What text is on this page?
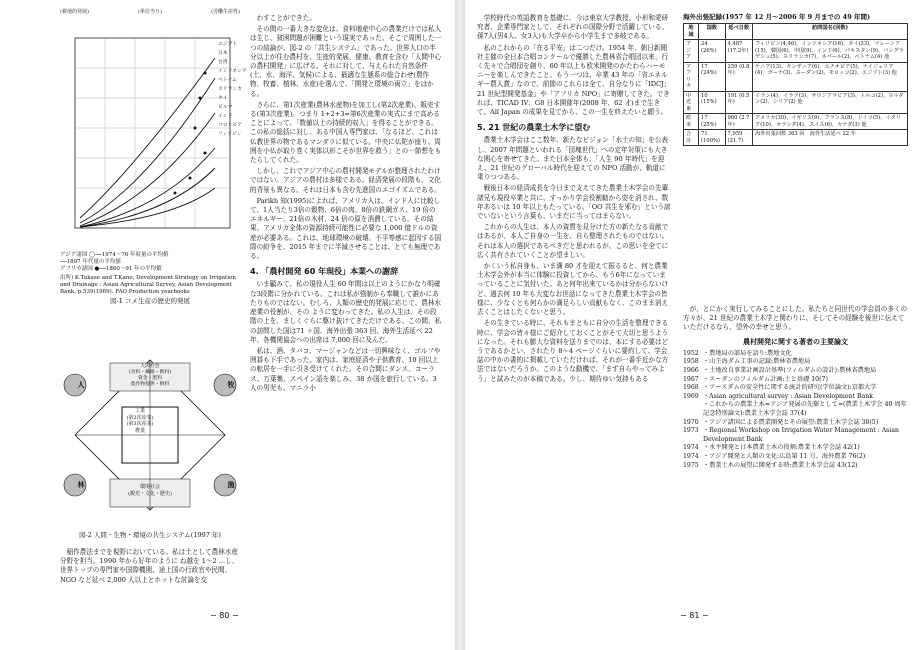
(耕地的発展)	(単位当り)	(労働生産性)
エジプト
日本
台湾
インドネシア
ベトナム
スリランカ
タイ
ビルマ
インド
コロンビア
フィリピン
アジア諸国 ◯──1974〜76 年収量の平均値
──1897 年代量の平均値
アフリカ諸国 ●──1860〜91 年の平均値
出所) K.Takase and T.Kano, Development Strategy on Irrigation and Drainage : Asian Agricultural Survey, Asian Development Bank, p.539(1969). FAO Production yearbooks
図-1 コメ生産の歴史的発展
人	牧
林	漁
工業
(第2次産業)
(第3次産業)
農業
人間社会
(食料・繊維・飲料)
資金・肥料
農作物提供・飼料
環境社会
(観光・文化・歴史)
図-2 人間・生物・環境の共生システム(1997 年)

稲作農法までを視野においている。私は土として農林水産分野を担当。1990 年から好年のように ね越を 1〜2 ...し、世界トップの専門家や国際機関、途上国の行政官や民間、NGO など延べ 2,000 人以上とホットな討論を交

わすことができた。

その間の一番大きな変化は、食料増産中心の農業だけでは私人は生じ、貧困問題が困難という現実であった。そこで周囲した一つの結論が、図-2 の「共生システム」であった。世界人口の半分以上が住む農村を、生産的発展、健康、教育を含む「人間中心の農村開発」に広げる。それに対して、与えられた自然条件(土、水、海洋、気候)による、最適な生態系の総合わせ(農作物、牧畜、植林、水産)を選んで、「開発と環境の両立」をはかる。

さらに、第1次産業(農林水産物)を加工し(第2次産業)、販売する(第3次産業)。つまり 1+2+3=第6次産業の実式にまで高めることによって、「数値以上の持続的収入」を得ることができる。この私の総括に対し、ある中国人専門家は、「なるほど、これは仏教世界の物であるマンダラに似ている。中央に仏陀が座り、周囲を小仏が取り巻く実体以形こそが世界を救う」との一節想をもたらしてくれた。

しかし、これでアジア中心の農村開発モデルが整理されたわけではない。アジアの農村は多様である。経済発展の段階も、文化的背景も異なる。それは日本も含む先進国のエゴイズムである。

Parikh 知(1995)によれば、アメリカ人は、インド人に比較して、1人当たり3倍の穀物、6倍の肉、8倍の鉄鋼ガス、19 倍の エネルギー、21倍の木材、24 倍の原を消費している。その結果、アメリカ全体の資源持続可能性に必要な 1,000 億ドルの資産が必要ある。これは、地球環境の破壊、不平等感に起因する国際の紛争を、2015 年までに半減させることは、とても無理である。

4. 「農村開発 60 年現役」本業への謝辞

いま顧みて、私の現役人生 60 年間は以上のようにかなり明確な3段階に分かれている。これは私が強制から奉職して誰かにあたりものではない。むしろ、人類の歴史的発展に応じて、農林水産業の役割が、その ように変わってきた。私の人生は、その段階の上を、ましくぐらに駆け抜けてきただけである。この間、私の訪問した国は71 ヶ国、海外出張 363 回、海外生活延べ 22 年、各機関協会への出席は 7,000 回に及んだ。

私は、酒、タバコ、マージャンなどは一切興味なく、ゴルフや囲碁も下手であった。家内は、家庭経済や子供教育、10 回以上の転居を一手に引き受けてくれた。その合間にダンス、コーラス、万葉集、スペイン語を楽しみ、38 か国を旅行している。3人の男児も、マニラ小

− 80 −

学校時代の英語教育を基礎に、今は東京大学教授、小形和愛研究者、企業専門家として、それぞれの国際分野で活躍している。孫7人(男4人、女3人)も大学卒から小学生まで多岐である。

私のこれからの「在る平安」は二つだけ。1954 年、朝日新聞社主催の全日本合唱コンクールで優勝した農林省合唱団以来、行く先々で合唱団を創り、60 年以上も欧米開発のかたわらハーモニーを楽しんできたこと。もう一つは、卒業 43 年の「省エネルギー農人賞」なので、前節のこれらは全て、自分なりに「IDCJ」21 世紀型開発基金」や「アフリカ NPO」に寄贈してきた。できれば、TICAD IV、G8 日本開催年(2008 年、62 才)まで生きて、All Japan の成果を見てから、この一生を終えたいと願う。

5. 21 世紀の農業土木学に望む

農業土木学会はここ数年、新たなビジョン「水土の知」を公表し、2007 年問題といわれる「団塊世代」への定年対策にも大きな関心を寄せてきた。また日本全体も、「人生 90 年時代」を迎え、21 世紀のグローバル時代を迎えての NPO 活動が、軌道に乗りつつある。

戦後日本の経済成長を今日まで支えてきた農業土木学会の先輩諸兄も現役卒業と共に、すっかり学会役割勧から姿を消され、数年あるいは 10 年以上もたっている。「OO 共生を邪む」という諺でいないという言葉も、いまだに当ってはまらない。

これからの人生は、本人の資質を見分けた方の新たなる貢献ではあるが、本人ご自身の一生を、自ら整理されたものではない。それは本人の選択であるべきだと思われるが、この思いを全てに広く共有されていくことが望ましい。

かくいう私自身も、いま満 80 才を迎えて振るると、何と農業土木学会外が本当に体験に投資してから、もう6年になっていまっていることに気付いた。あと何年出来ているかは分からないけど、過去何 10 年も大変なお世話になってきた農業土木学会の皆様に、少なくとも何らかの満足らしい貢献もなく、このまま消え去くことはしたくないと思う。

その生きている時に、それもまともに自分の生活を整理できる時に、学会の皆々様にご紹介しておくことがそて大切と思うようになった。それも膨大な資料を送りまでのは、本にする必要はどうであるかとい、されたり 8〜4 ページぐらいに要約して、学会誌の中かの書的に掲載していただければ、それが一番手近かな方法ではないだろうか。このような動機で、「まず自らやってみよう」と試みたのが本稿である。少し、期待ゆい気持もある

海外出張記録(1957 年 12 月〜2006 年 9 月までの 49 年間)
地域	国数	延べ日数	訪問国名(回数)
アジア	24 (26%)	4,487 (17.2年)	フィリピン(4,46)、インドネシア(16)、タイ(33)、マレーシア(15)、韓国(6)、中国(9)、インド(6)、パキスタン(9)、バングラデシュ(5)、スリランカ(7)、ネパール(2)、ベトナム(4) 他
アフリカ	17 (24%)	259 (0.8年)	ケニア(13)、タンザニア(6)、エチオピア(5)、ナイジェリア(4)、ガーナ(3)、スーダン(2)、モロッコ(2)、エジプト(3) 他
中近東	10 (15%)	191 (0.5年)	イラン(4)、イラク(3)、サウジアラビア(3)、トルコ(2)、ヨルダン(2)、シリア(2) 他
欧米	17 (25%)	960 (2.7年)	アメリカ(30)、イギリス(9)、フランス(8)、ドイツ(5)、イタリア(10)、オランダ(4)、スイス(6)、カナダ(3) 他
合計	71 (100%)	7,959 (21.7)	海外出張回数 363 回　海外生活延べ 22 年

が、とにかく実行してみることにした。私たちと同世代の学会員の多くの方々が、21 世紀の農業土木学と関わりに、そしてその経験を後世に伝えていただけるなら、望外の幸せと思う。

農村開発に関する著者の主要論文
1952 ・農地局の部局を語り:農地文化
1958 ・山王海ダム工事の記録:農林省農地局
1966 ・土地改良事業計画設計基準(フィルダムの設計):農林省農地局
1967 ・スーダンのフィルダム計画:土と基礎 10(7)
1968 ・アースダムの安全性に関する統計的研究(学位論文):京都大学
1969 ・Asian agricultural survey : Asian Development Bank
・これからの農業土木=アジア発展の先駆として=(農業土木学会 40 周年記念特別論文):農業土木学会誌 37(4)
1970 ・アジア諸国による農業開発とその展望:農業土木学会誌 38(5)
1973 ・Regional Workshop on Irrigation Water Management : Asian Development Bank
1974 ・水平開発と日本農業土木の役割:農業土木学会誌 42(1)
1974 ・アジア開発と人類の文化:広島第 11 号、海外農業 76(2)
1975 ・農業土木の展望に開発する時:農業土木学会誌 43(12)
− 81 −
